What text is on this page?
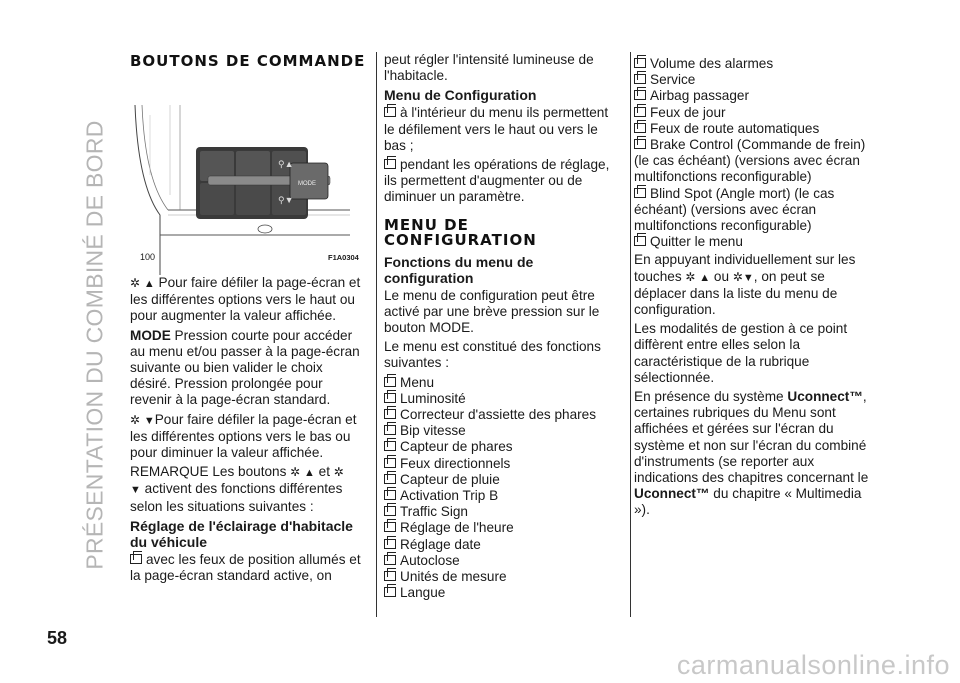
PRÉSENTATION DU COMBINÉ DE BORD
BOUTONS DE COMMANDE
MODE
⚲▲
⚲▼
100	F1A0304

✲ ▲ Pour faire défiler la page-écran et les différentes options vers le haut ou pour augmenter la valeur affichée.

MODE Pression courte pour accéder au menu et/ou passer à la page-écran suivante ou bien valider le choix désiré. Pression prolongée pour revenir à la page-écran standard.

✲ ▼Pour faire défiler la page-écran et les différentes options vers le bas ou pour diminuer la valeur affichée.

REMARQUE Les boutons ✲ ▲ et ✲
▼ activent des fonctions différentes selon les situations suivantes :

Réglage de l'éclairage d'habitacle du véhicule

avec les feux de position allumés et la page-écran standard active, on

peut régler l'intensité lumineuse de l'habitacle.

Menu de Configuration

à l'intérieur du menu ils permettent le défilement vers le haut ou vers le bas ;

pendant les opérations de réglage, ils permettent d'augmenter ou de diminuer un paramètre.

MENU DE CONFIGURATION
Fonctions du menu de configuration

Le menu de configuration peut être activé par une brève pression sur le bouton MODE.

Le menu est constitué des fonctions suivantes :

Menu
Luminosité
Correcteur d'assiette des phares
Bip vitesse
Capteur de phares
Feux directionnels
Capteur de pluie
Activation Trip B
Traffic Sign
Réglage de l'heure
Réglage date
Autoclose
Unités de mesure
Langue
Volume des alarmes
Service
Airbag passager
Feux de jour
Feux de route automatiques
Brake Control (Commande de frein) (le cas échéant) (versions avec écran multifonctions reconfigurable)
Blind Spot (Angle mort) (le cas échéant) (versions avec écran multifonctions reconfigurable)
Quitter le menu

En appuyant individuellement sur les touches ✲ ▲ ou ✲▼, on peut se déplacer dans la liste du menu de configuration.

Les modalités de gestion à ce point diffèrent entre elles selon la caractéristique de la rubrique sélectionnée.

En présence du système Uconnect™, certaines rubriques du Menu sont affichées et gérées sur l'écran du système et non sur l'écran du combiné d'instruments (se reporter aux indications des chapitres concernant le Uconnect™ du chapitre « Multimedia »).

58
carmanualsonline.info
